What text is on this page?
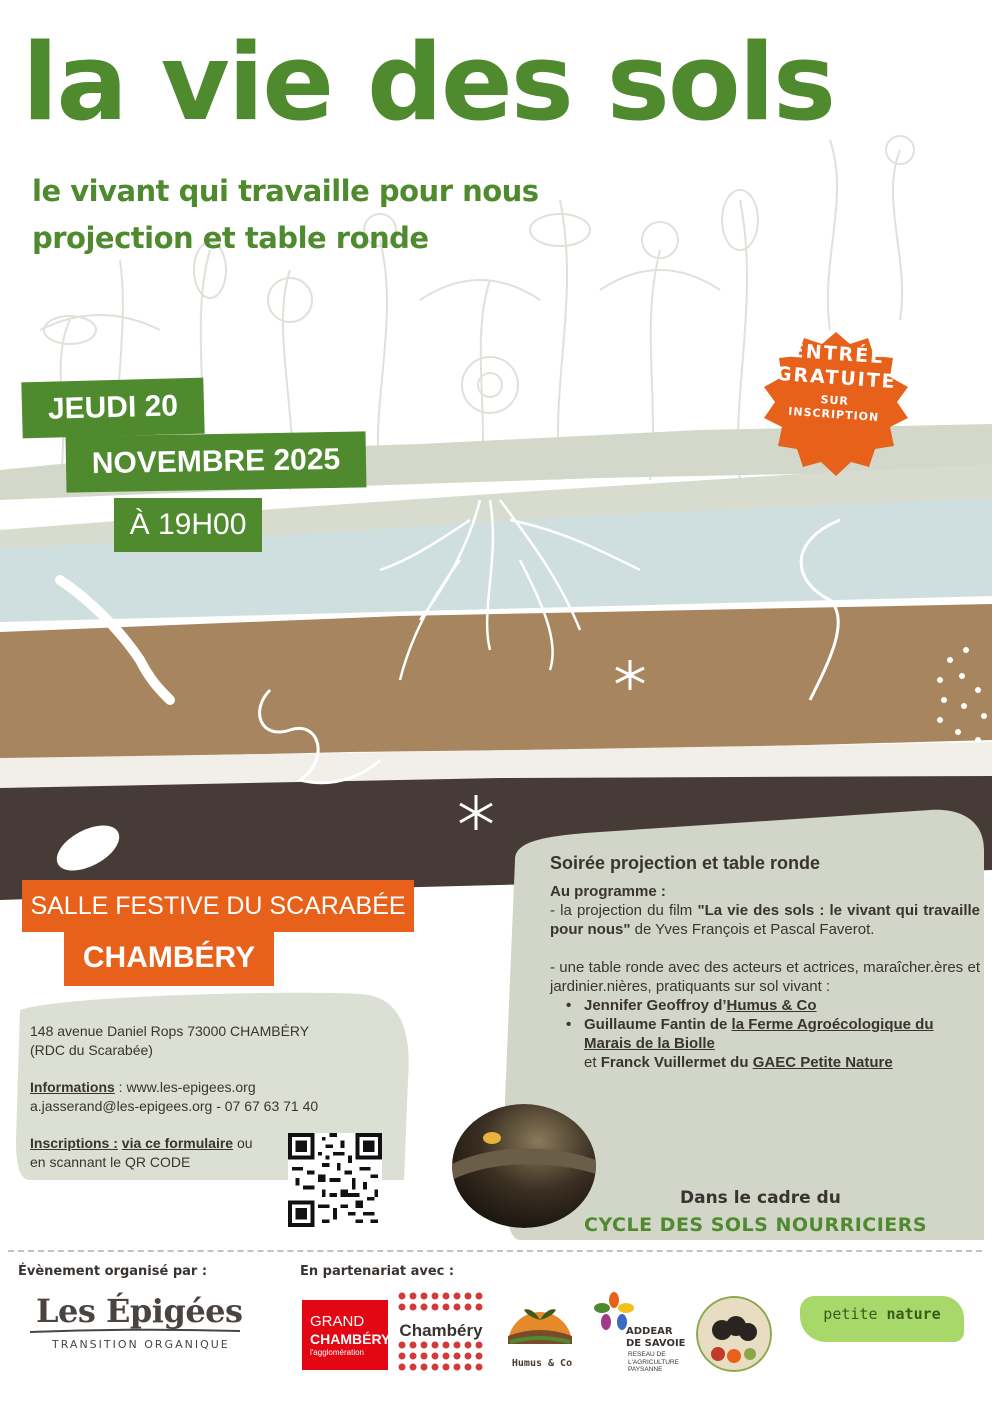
la vie des sols
le vivant qui travaille pour nous
projection et table ronde
JEUDI 20
NOVEMBRE 2025
À 19H00
ENTRÉE
GRATUITE
SUR
INSCRIPTION
SALLE FESTIVE DU SCARABÉE
CHAMBÉRY
148 avenue Daniel Rops 73000 CHAMBÉRY
(RDC du Scarabée)
Informations : www.les-epigees.org
a.jasserand@les-epigees.org - 07 67 63 71 40
Inscriptions : via ce formulaire ou
en scannant le QR CODE
Soirée projection et table ronde
Au programme :
- la projection du film "La vie des sols : le vivant qui travaille pour nous" de Yves François et Pascal Faverot.
- une table ronde avec des acteurs et actrices, maraîcher.ères et jardinier.nières, pratiquants sur sol vivant :
• Jennifer Geoffroy d’Humus & Co
• Guillaume Fantin de la Ferme Agroécologique du Marais de la Biolle
et Franck Vuillermet du GAEC Petite Nature
Dans le cadre du
CYCLE DES SOLS NOURRICIERS
Évènement organisé par :	En partenariat avec :
Les Épigées
TRANSITION ORGANIQUE
GRAND
CHAMBÉRY
l'agglomération
Chambéry
Humus & Co
ADDEAR
DE SAVOIE
RESEAU DE L'AGRICULTURE PAYSANNE
petite nature
